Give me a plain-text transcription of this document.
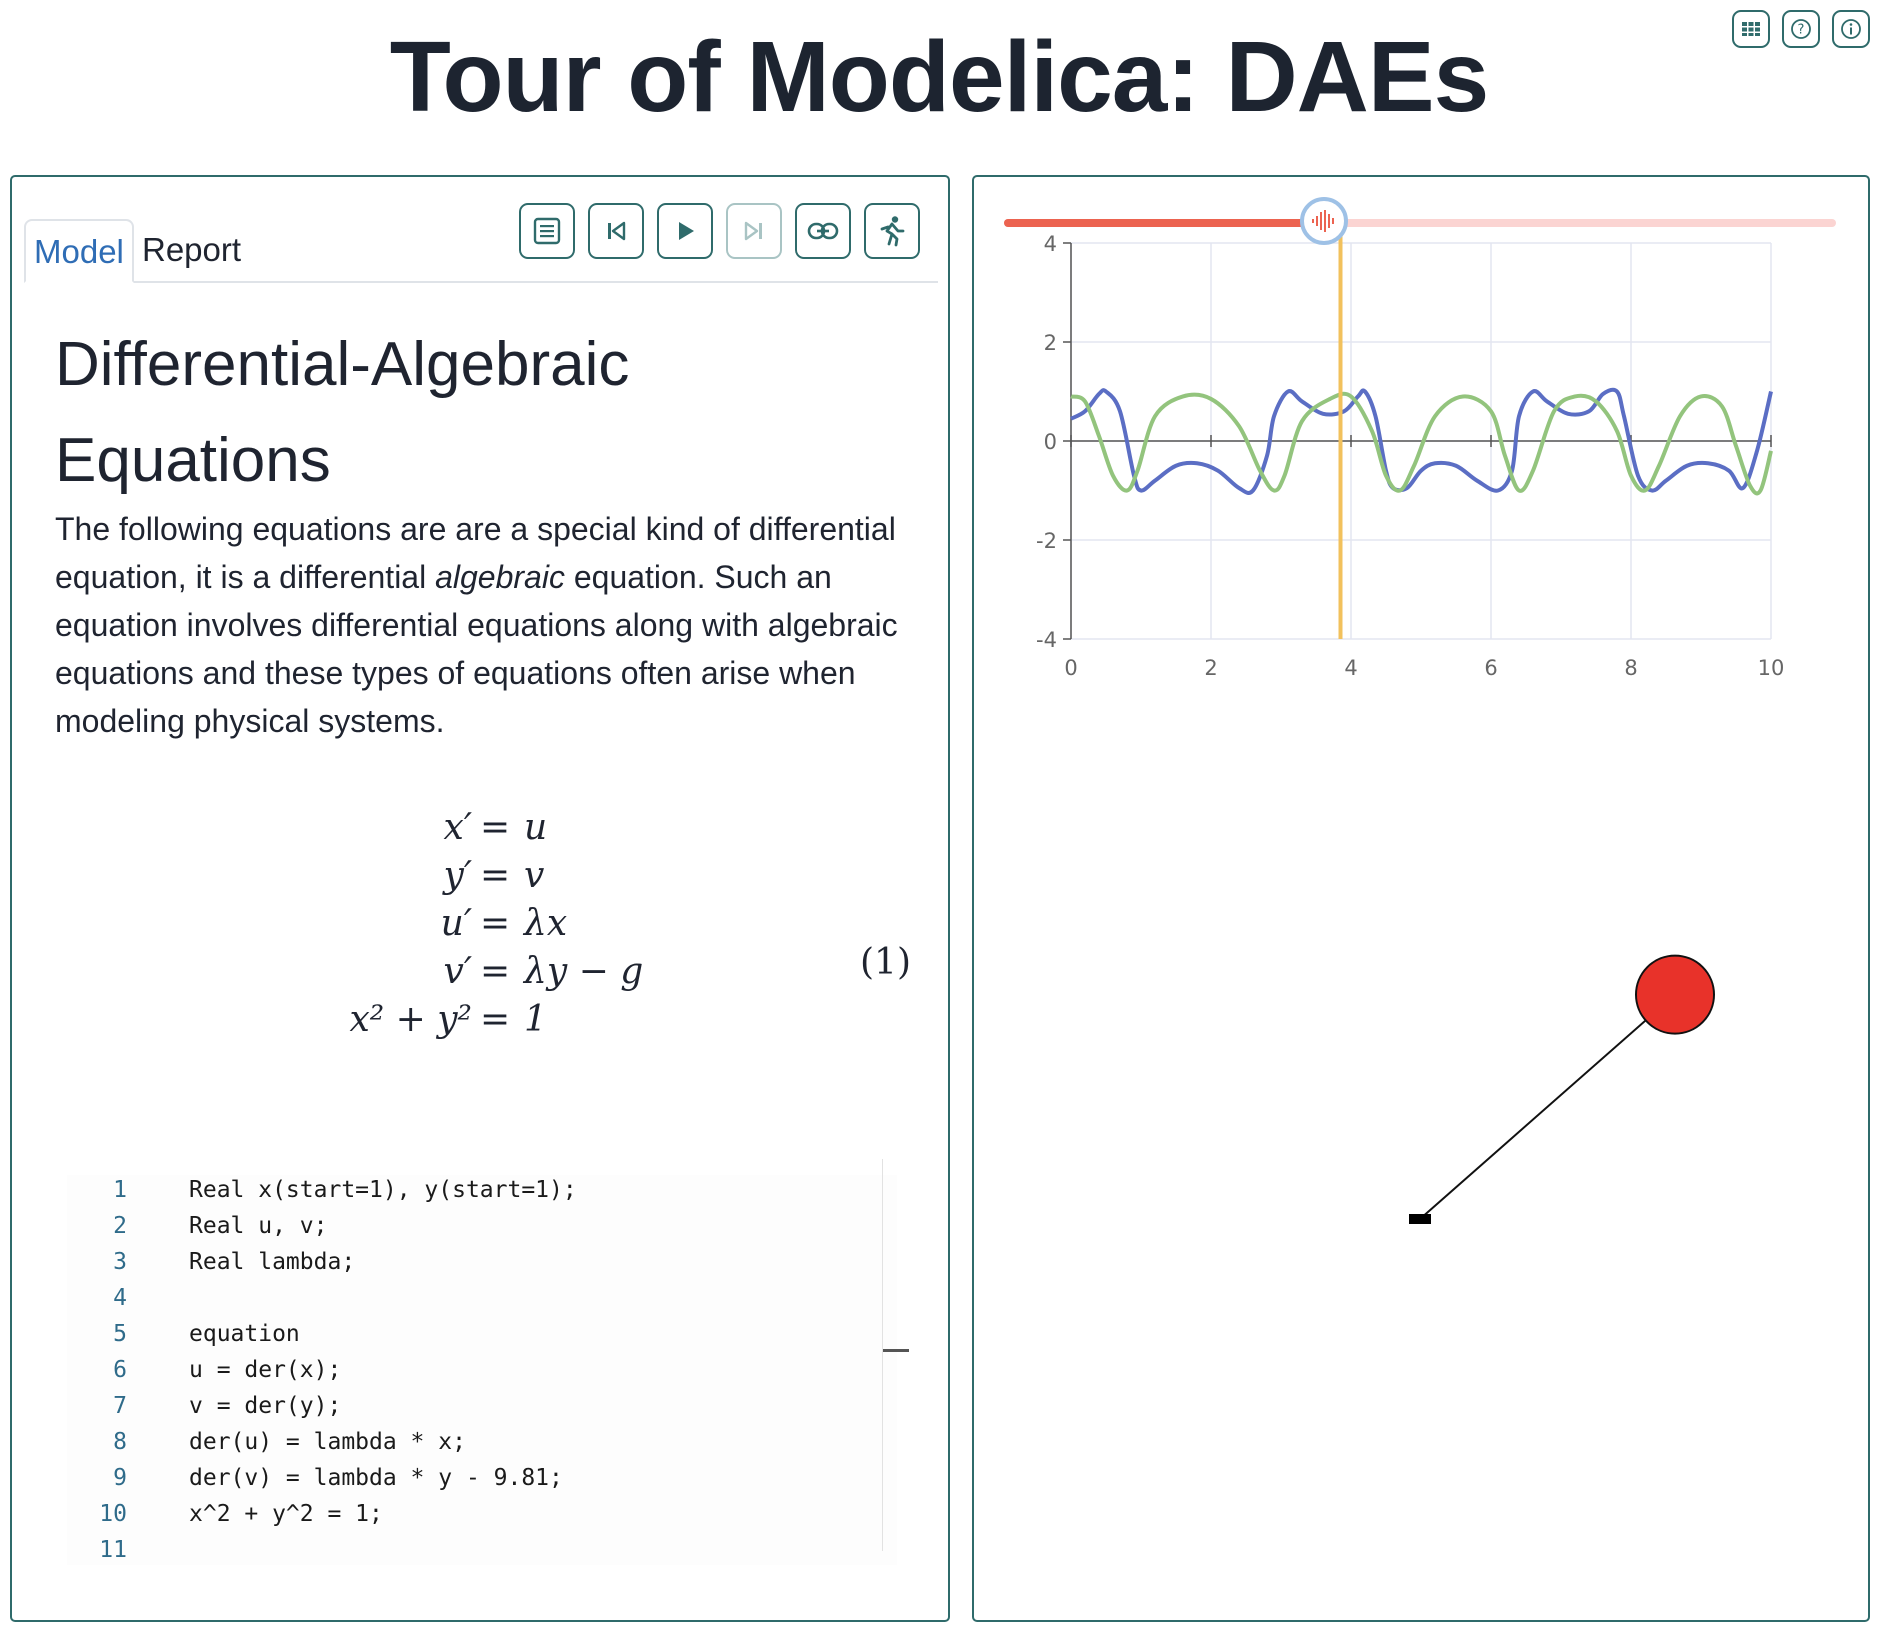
Tour of Modelica: DAEs	?
Model Report
Differential-Algebraic Equations

The following equations are are a special kind of differential equation, it is a differential algebraic equation. Such an equation involves differential equations along with algebraic equations and these types of equations often arise when modeling physical systems.

x′ = u
y′ = v
u′ = λx
v′ = λy − g
x² + y² = 1
(1)
1	Real x(start=1), y(start=1);
2	Real u, v;
3	Real lambda;
4
5	equation
6	u = der(x);
7	v = der(y);
8	der(u) = lambda * x;
9	der(v) = lambda * y - 9.81;
10	x^2 + y^2 = 1;
11
4
2
0
-2
-4
0	2	4	6	8	10
